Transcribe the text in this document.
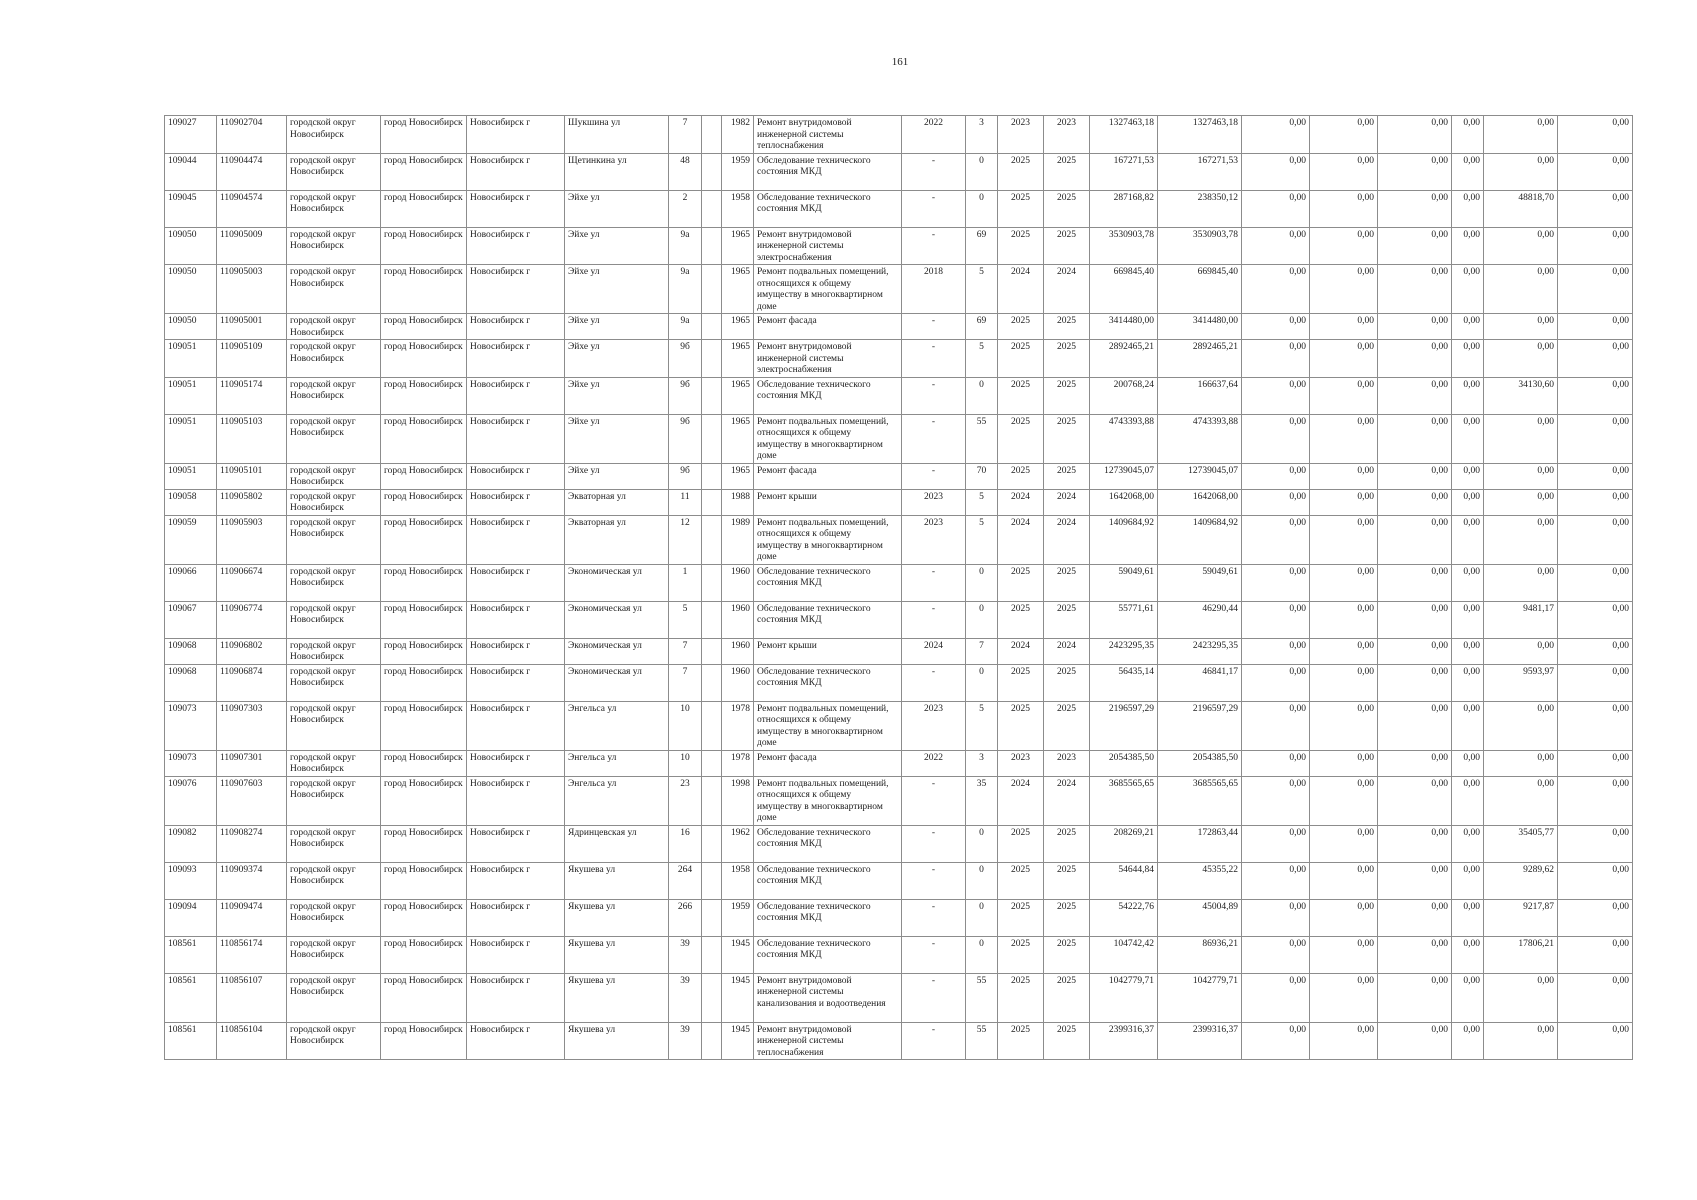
161
109027	110902704	городской округ Новосибирск	город Новосибирск	Новосибирск г	Шукшина ул	7		1982	Ремонт внутридомовой инженерной системы теплоснабжения	2022	3	2023	2023	1327463,18	1327463,18	0,00	0,00	0,00	0,00	0,00	0,00
109044	110904474	городской округ Новосибирск	город Новосибирск	Новосибирск г	Щетинкина ул	48		1959	Обследование технического состояния МКД	-	0	2025	2025	167271,53	167271,53	0,00	0,00	0,00	0,00	0,00	0,00
109045	110904574	городской округ Новосибирск	город Новосибирск	Новосибирск г	Эйхе ул	2		1958	Обследование технического состояния МКД	-	0	2025	2025	287168,82	238350,12	0,00	0,00	0,00	0,00	48818,70	0,00
109050	110905009	городской округ Новосибирск	город Новосибирск	Новосибирск г	Эйхе ул	9а		1965	Ремонт внутридомовой инженерной системы электроснабжения	-	69	2025	2025	3530903,78	3530903,78	0,00	0,00	0,00	0,00	0,00	0,00
109050	110905003	городской округ Новосибирск	город Новосибирск	Новосибирск г	Эйхе ул	9а		1965	Ремонт подвальных помещений, относящихся к общему имуществу в многоквартирном доме	2018	5	2024	2024	669845,40	669845,40	0,00	0,00	0,00	0,00	0,00	0,00
109050	110905001	городской округ Новосибирск	город Новосибирск	Новосибирск г	Эйхе ул	9а		1965	Ремонт фасада	-	69	2025	2025	3414480,00	3414480,00	0,00	0,00	0,00	0,00	0,00	0,00
109051	110905109	городской округ Новосибирск	город Новосибирск	Новосибирск г	Эйхе ул	9б		1965	Ремонт внутридомовой инженерной системы электроснабжения	-	5	2025	2025	2892465,21	2892465,21	0,00	0,00	0,00	0,00	0,00	0,00
109051	110905174	городской округ Новосибирск	город Новосибирск	Новосибирск г	Эйхе ул	9б		1965	Обследование технического состояния МКД	-	0	2025	2025	200768,24	166637,64	0,00	0,00	0,00	0,00	34130,60	0,00
109051	110905103	городской округ Новосибирск	город Новосибирск	Новосибирск г	Эйхе ул	9б		1965	Ремонт подвальных помещений, относящихся к общему имуществу в многоквартирном доме	-	55	2025	2025	4743393,88	4743393,88	0,00	0,00	0,00	0,00	0,00	0,00
109051	110905101	городской округ Новосибирск	город Новосибирск	Новосибирск г	Эйхе ул	9б		1965	Ремонт фасада	-	70	2025	2025	12739045,07	12739045,07	0,00	0,00	0,00	0,00	0,00	0,00
109058	110905802	городской округ Новосибирск	город Новосибирск	Новосибирск г	Экваторная ул	11		1988	Ремонт крыши	2023	5	2024	2024	1642068,00	1642068,00	0,00	0,00	0,00	0,00	0,00	0,00
109059	110905903	городской округ Новосибирск	город Новосибирск	Новосибирск г	Экваторная ул	12		1989	Ремонт подвальных помещений, относящихся к общему имуществу в многоквартирном доме	2023	5	2024	2024	1409684,92	1409684,92	0,00	0,00	0,00	0,00	0,00	0,00
109066	110906674	городской округ Новосибирск	город Новосибирск	Новосибирск г	Экономическая ул	1		1960	Обследование технического состояния МКД	-	0	2025	2025	59049,61	59049,61	0,00	0,00	0,00	0,00	0,00	0,00
109067	110906774	городской округ Новосибирск	город Новосибирск	Новосибирск г	Экономическая ул	5		1960	Обследование технического состояния МКД	-	0	2025	2025	55771,61	46290,44	0,00	0,00	0,00	0,00	9481,17	0,00
109068	110906802	городской округ Новосибирск	город Новосибирск	Новосибирск г	Экономическая ул	7		1960	Ремонт крыши	2024	7	2024	2024	2423295,35	2423295,35	0,00	0,00	0,00	0,00	0,00	0,00
109068	110906874	городской округ Новосибирск	город Новосибирск	Новосибирск г	Экономическая ул	7		1960	Обследование технического состояния МКД	-	0	2025	2025	56435,14	46841,17	0,00	0,00	0,00	0,00	9593,97	0,00
109073	110907303	городской округ Новосибирск	город Новосибирск	Новосибирск г	Энгельса ул	10		1978	Ремонт подвальных помещений, относящихся к общему имуществу в многоквартирном доме	2023	5	2025	2025	2196597,29	2196597,29	0,00	0,00	0,00	0,00	0,00	0,00
109073	110907301	городской округ Новосибирск	город Новосибирск	Новосибирск г	Энгельса ул	10		1978	Ремонт фасада	2022	3	2023	2023	2054385,50	2054385,50	0,00	0,00	0,00	0,00	0,00	0,00
109076	110907603	городской округ Новосибирск	город Новосибирск	Новосибирск г	Энгельса ул	23		1998	Ремонт подвальных помещений, относящихся к общему имуществу в многоквартирном доме	-	35	2024	2024	3685565,65	3685565,65	0,00	0,00	0,00	0,00	0,00	0,00
109082	110908274	городской округ Новосибирск	город Новосибирск	Новосибирск г	Ядринцевская ул	16		1962	Обследование технического состояния МКД	-	0	2025	2025	208269,21	172863,44	0,00	0,00	0,00	0,00	35405,77	0,00
109093	110909374	городской округ Новосибирск	город Новосибирск	Новосибирск г	Якушева ул	264		1958	Обследование технического состояния МКД	-	0	2025	2025	54644,84	45355,22	0,00	0,00	0,00	0,00	9289,62	0,00
109094	110909474	городской округ Новосибирск	город Новосибирск	Новосибирск г	Якушева ул	266		1959	Обследование технического состояния МКД	-	0	2025	2025	54222,76	45004,89	0,00	0,00	0,00	0,00	9217,87	0,00
108561	110856174	городской округ Новосибирск	город Новосибирск	Новосибирск г	Якушева ул	39		1945	Обследование технического состояния МКД	-	0	2025	2025	104742,42	86936,21	0,00	0,00	0,00	0,00	17806,21	0,00
108561	110856107	городской округ Новосибирск	город Новосибирск	Новосибирск г	Якушева ул	39		1945	Ремонт внутридомовой инженерной системы канализования и водоотведения	-	55	2025	2025	1042779,71	1042779,71	0,00	0,00	0,00	0,00	0,00	0,00
108561	110856104	городской округ Новосибирск	город Новосибирск	Новосибирск г	Якушева ул	39		1945	Ремонт внутридомовой инженерной системы теплоснабжения	-	55	2025	2025	2399316,37	2399316,37	0,00	0,00	0,00	0,00	0,00	0,00
